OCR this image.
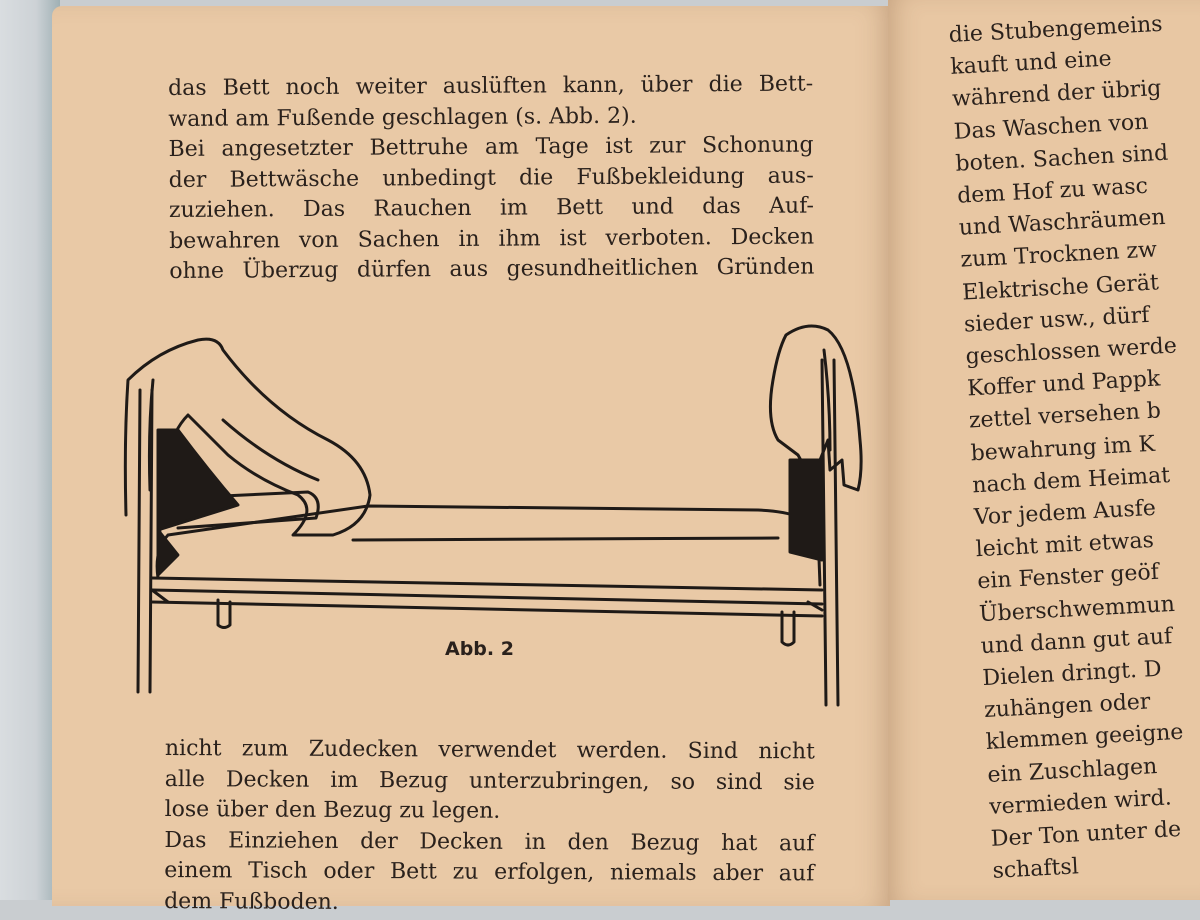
das Bett noch weiter auslüften kann, über die Bett-
wand am Fußende geschlagen (s. Abb. 2).
Bei angesetzter Bettruhe am Tage ist zur Schonung
der Bettwäsche unbedingt die Fußbekleidung aus-
zuziehen. Das Rauchen im Bett und das Auf-
bewahren von Sachen in ihm ist verboten. Decken
ohne Überzug dürfen aus gesundheitlichen Gründen
Abb. 2
nicht zum Zudecken verwendet werden. Sind nicht
alle Decken im Bezug unterzubringen, so sind sie
lose über den Bezug zu legen.
Das Einziehen der Decken in den Bezug hat auf
einem Tisch oder Bett zu erfolgen, niemals aber auf
dem Fußboden.
die Stubengemeins
kauft und eine
während der übrig
Das Waschen von
boten. Sachen sind
dem Hof zu wasc
und Waschräumen
zum Trocknen zw
Elektrische Gerät
sieder usw., dürf
geschlossen werde
Koffer und Pappk
zettel versehen b
bewahrung im K
nach dem Heimat
Vor jedem Ausfe
leicht mit etwas
ein Fenster geöf
Überschwemmun
und dann gut auf
Dielen dringt. D
zuhängen oder
klemmen geeigne
ein Zuschlagen
vermieden wird.
Der Ton unter de
schaftsl
